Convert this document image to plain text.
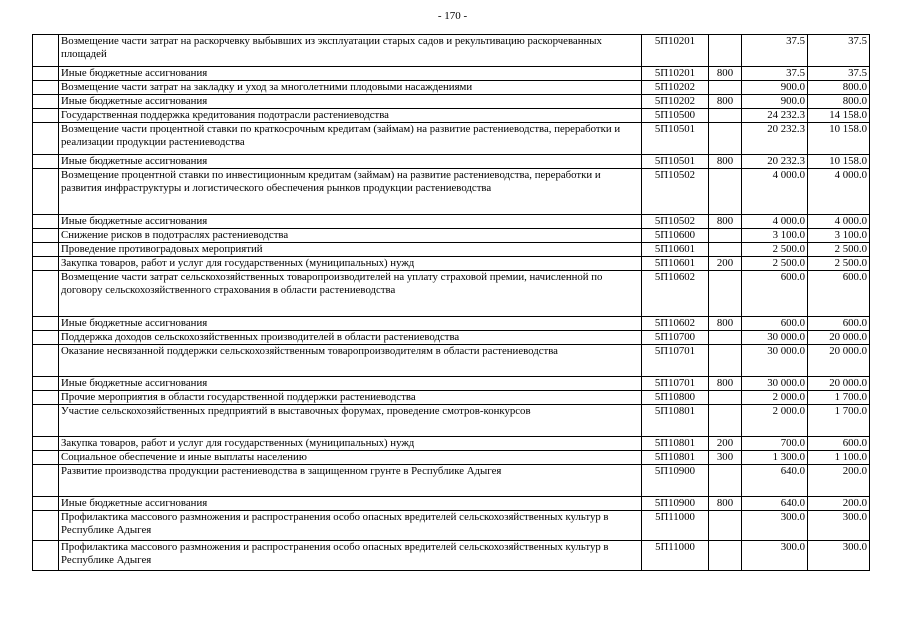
- 170 -
	Возмещение части затрат на раскорчевку выбывших из эксплуатации старых садов и рекультивацию раскорчеванных площадей	5П10201		37.5	37.5
	Иные бюджетные ассигнования	5П10201	800	37.5	37.5
	Возмещение части затрат на закладку и уход за многолетними плодовыми насаждениями	5П10202		900.0	800.0
	Иные бюджетные ассигнования	5П10202	800	900.0	800.0
	Государственная поддержка кредитования подотрасли растениеводства	5П10500		24 232.3	14 158.0
	Возмещение части процентной ставки по краткосрочным кредитам (займам) на развитие растениеводства, переработки и реализации продукции растениеводства	5П10501		20 232.3	10 158.0
	Иные бюджетные ассигнования	5П10501	800	20 232.3	10 158.0
	Возмещение процентной ставки по инвестиционным кредитам (займам) на развитие растениеводства, переработки и развития инфраструктуры и логистического обеспечения рынков продукции растениеводства	5П10502		4 000.0	4 000.0
	Иные бюджетные ассигнования	5П10502	800	4 000.0	4 000.0
	Снижение рисков в подотраслях растениеводства	5П10600		3 100.0	3 100.0
	Проведение противоградовых мероприятий	5П10601		2 500.0	2 500.0
	Закупка товаров, работ и услуг для государственных (муниципальных) нужд	5П10601	200	2 500.0	2 500.0
	Возмещение части затрат сельскохозяйственных товаропроизводителей на уплату страховой премии, начисленной по договору сельскохозяйственного страхования в области растениеводства	5П10602		600.0	600.0
	Иные бюджетные ассигнования	5П10602	800	600.0	600.0
	Поддержка доходов сельскохозяйственных производителей в области растениеводства	5П10700		30 000.0	20 000.0
	Оказание несвязанной поддержки сельскохозяйственным товаропроизводителям в области растениеводства	5П10701		30 000.0	20 000.0
	Иные бюджетные ассигнования	5П10701	800	30 000.0	20 000.0
	Прочие мероприятия в области государственной поддержки растениеводства	5П10800		2 000.0	1 700.0
	Участие сельскохозяйственных предприятий в выставочных форумах, проведение смотров-конкурсов	5П10801		2 000.0	1 700.0
	Закупка товаров, работ и услуг для государственных (муниципальных) нужд	5П10801	200	700.0	600.0
	Социальное обеспечение и иные выплаты населению	5П10801	300	1 300.0	1 100.0
	Развитие производства продукции растениеводства в защищенном грунте в Республике Адыгея	5П10900		640.0	200.0
	Иные бюджетные ассигнования	5П10900	800	640.0	200.0
	Профилактика массового размножения и распространения особо опасных вредителей сельскохозяйственных культур в Республике Адыгея	5П11000		300.0	300.0
	Профилактика массового размножения и распространения особо опасных вредителей сельскохозяйственных культур в Республике Адыгея	5П11000		300.0	300.0
